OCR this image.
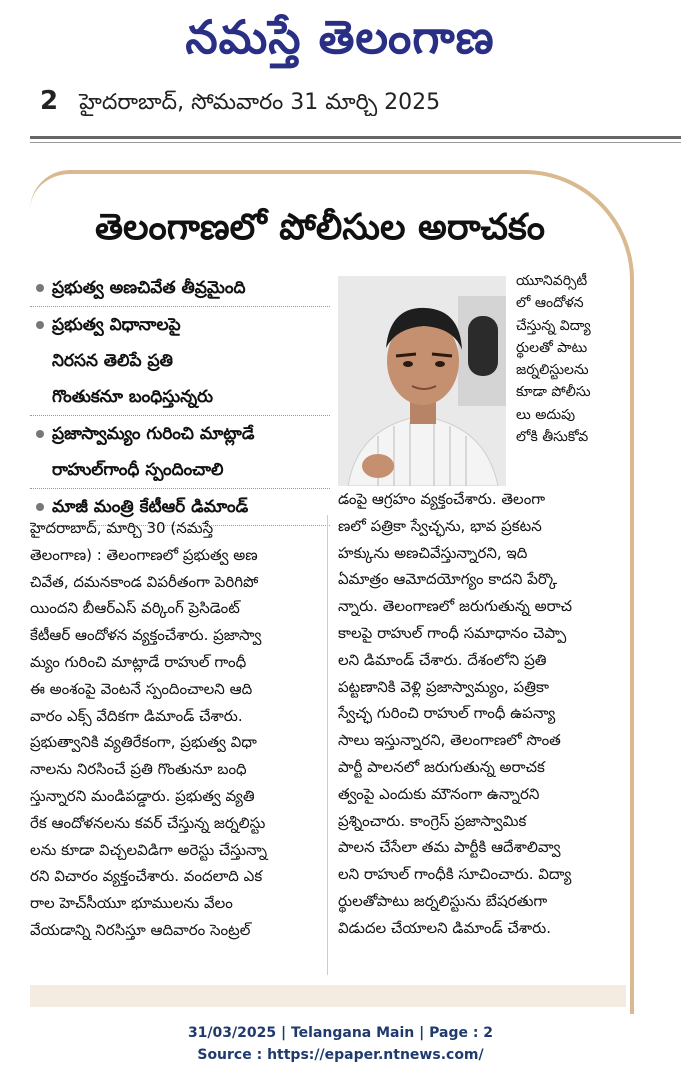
నమస్తే తెలంగాణ
2 హైదరాబాద్, సోమవారం 31 మార్చి 2025
తెలంగాణలో పోలీసుల అరాచకం
ప్రభుత్వ అణచివేత తీవ్రమైంది
ప్రభుత్వ విధానాలపై
నిరసన తెలిపే ప్రతి
గొంతుకనూ బంధిస్తున్నరు
ప్రజాస్వామ్యం గురించి మాట్లాడే
రాహుల్‌గాంధీ స్పందించాలి
మాజీ మంత్రి కేటీఆర్ డిమాండ్
యూనివర్సిటీ
లో ఆందోళన
చేస్తున్న విద్యా
ర్థులతో పాటు
జర్నలిస్టులను
కూడా పోలీసు
లు అదుపు
లోకి తీసుకోవ
హైదరాబాద్, మార్చి 30 (నమస్తే
తెలంగాణ) : తెలంగాణలో ప్రభుత్వ అణ
చివేత, దమనకాండ విపరీతంగా పెరిగిపో
యిందని బీఆర్‌ఎస్ వర్కింగ్ ప్రెసిడెంట్
కేటీఆర్ ఆందోళన వ్యక్తంచేశారు. ప్రజాస్వా
మ్యం గురించి మాట్లాడే రాహుల్ గాంధీ
ఈ అంశంపై వెంటనే స్పందించాలని ఆది
వారం ఎక్స్ వేదికగా డిమాండ్ చేశారు.
ప్రభుత్వానికి వ్యతిరేకంగా, ప్రభుత్వ విధా
నాలను నిరసించే ప్రతి గొంతునూ బంధి
స్తున్నారని మండిపడ్డారు. ప్రభుత్వ వ్యతి
రేక ఆందోళనలను కవర్ చేస్తున్న జర్నలిస్టు
లను కూడా విచ్చలవిడిగా అరెస్టు చేస్తున్నా
రని విచారం వ్యక్తంచేశారు. వందలాది ఎక
రాల హెచ్‌సీయూ భూములను వేలం
వేయడాన్ని నిరసిస్తూ ఆదివారం సెంట్రల్
డంపై ఆగ్రహం వ్యక్తంచేశారు. తెలంగా
ణలో పత్రికా స్వేచ్ఛను, భావ ప్రకటన
హక్కును అణచివేస్తున్నారని, ఇది
ఏమాత్రం ఆమోదయోగ్యం కాదని పేర్కొ
న్నారు. తెలంగాణలో జరుగుతున్న అరాచ
కాలపై రాహుల్ గాంధీ సమాధానం చెప్పా
లని డిమాండ్ చేశారు. దేశంలోని ప్రతి
పట్టణానికి వెళ్లి ప్రజాస్వామ్యం, పత్రికా
స్వేచ్ఛ గురించి రాహుల్ గాంధీ ఉపన్యా
సాలు ఇస్తున్నారని, తెలంగాణలో సొంత
పార్టీ పాలనలో జరుగుతున్న అరాచక
త్వంపై ఎందుకు మౌనంగా ఉన్నారని
ప్రశ్నించారు. కాంగ్రెస్ ప్రజాస్వామిక
పాలన చేసేలా తమ పార్టీకి ఆదేశాలివ్వా
లని రాహుల్ గాంధీకి సూచించారు. విద్యా
ర్థులతోపాటు జర్నలిస్టును బేషరతుగా
విడుదల చేయాలని డిమాండ్ చేశారు.
31/03/2025 | Telangana Main | Page : 2
Source : https://epaper.ntnews.com/
